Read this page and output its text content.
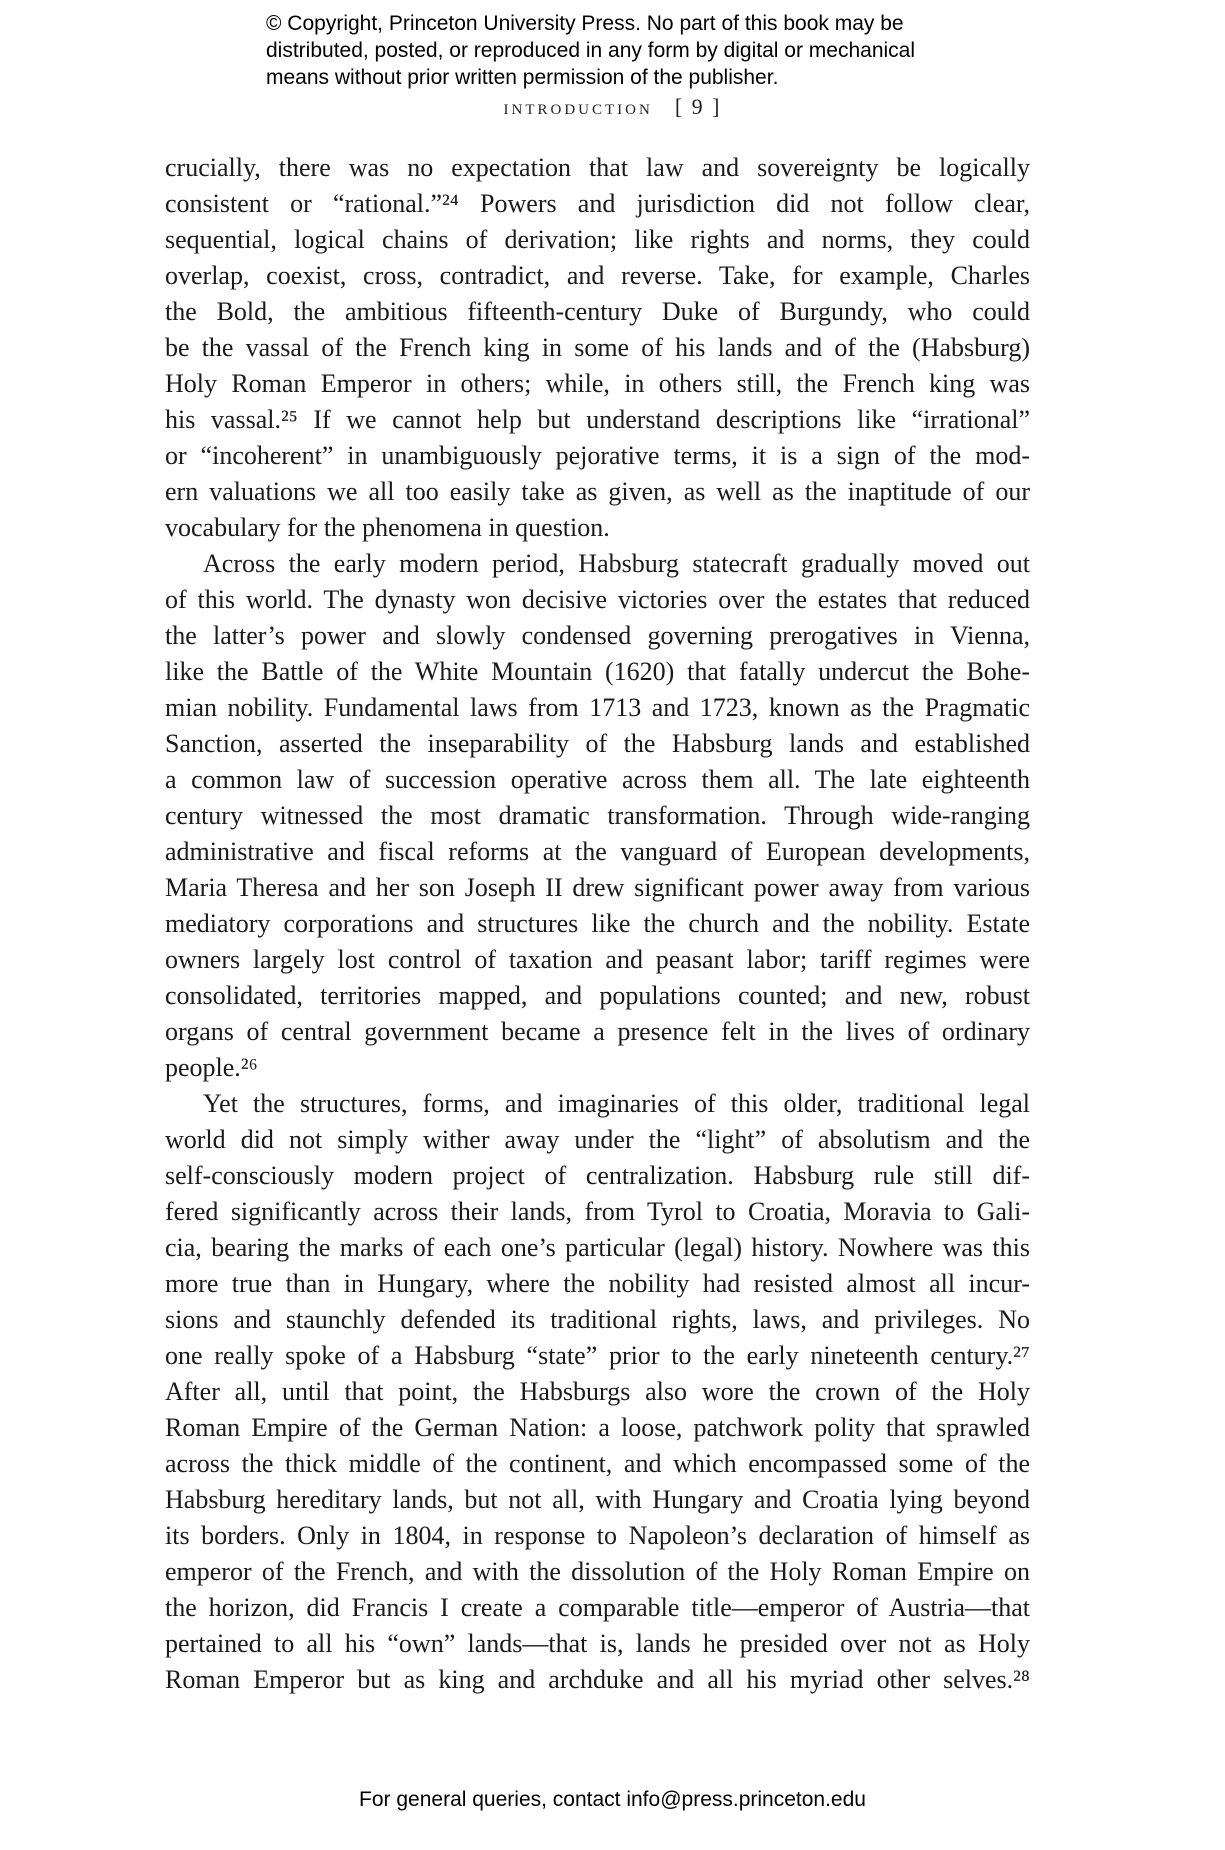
© Copyright, Princeton University Press. No part of this book may be
distributed, posted, or reproduced in any form by digital or mechanical
means without prior written permission of the publisher.
introduction [ 9 ]
crucially, there was no expectation that law and sovereignty be logically
consistent or “rational.”²⁴ Powers and jurisdiction did not follow clear,
sequential, logical chains of derivation; like rights and norms, they could
overlap, coexist, cross, contradict, and reverse. Take, for example, Charles
the Bold, the ambitious fifteenth-century Duke of Burgundy, who could
be the vassal of the French king in some of his lands and of the (Habsburg)
Holy Roman Emperor in others; while, in others still, the French king was
his vassal.²⁵ If we cannot help but understand descriptions like “irrational”
or “incoherent” in unambiguously pejorative terms, it is a sign of the mod-
ern valuations we all too easily take as given, as well as the inaptitude of our
vocabulary for the phenomena in question.
Across the early modern period, Habsburg statecraft gradually moved out
of this world. The dynasty won decisive victories over the estates that reduced
the latter’s power and slowly condensed governing prerogatives in Vienna,
like the Battle of the White Mountain (1620) that fatally undercut the Bohe-
mian nobility. Fundamental laws from 1713 and 1723, known as the Pragmatic
Sanction, asserted the inseparability of the Habsburg lands and established
a common law of succession operative across them all. The late eighteenth
century witnessed the most dramatic transformation. Through wide-ranging
administrative and fiscal reforms at the vanguard of European developments,
Maria Theresa and her son Joseph II drew significant power away from various
mediatory corporations and structures like the church and the nobility. Estate
owners largely lost control of taxation and peasant labor; tariff regimes were
consolidated, territories mapped, and populations counted; and new, robust
organs of central government became a presence felt in the lives of ordinary
people.²⁶
Yet the structures, forms, and imaginaries of this older, traditional legal
world did not simply wither away under the “light” of absolutism and the
self-consciously modern project of centralization. Habsburg rule still dif-
fered significantly across their lands, from Tyrol to Croatia, Moravia to Gali-
cia, bearing the marks of each one’s particular (legal) history. Nowhere was this
more true than in Hungary, where the nobility had resisted almost all incur-
sions and staunchly defended its traditional rights, laws, and privileges. No
one really spoke of a Habsburg “state” prior to the early nineteenth century.²⁷
After all, until that point, the Habsburgs also wore the crown of the Holy
Roman Empire of the German Nation: a loose, patchwork polity that sprawled
across the thick middle of the continent, and which encompassed some of the
Habsburg hereditary lands, but not all, with Hungary and Croatia lying beyond
its borders. Only in 1804, in response to Napoleon’s declaration of himself as
emperor of the French, and with the dissolution of the Holy Roman Empire on
the horizon, did Francis I create a comparable title—emperor of Austria—that
pertained to all his “own” lands—that is, lands he presided over not as Holy
Roman Emperor but as king and archduke and all his myriad other selves.²⁸
For general queries, contact info@press.princeton.edu
